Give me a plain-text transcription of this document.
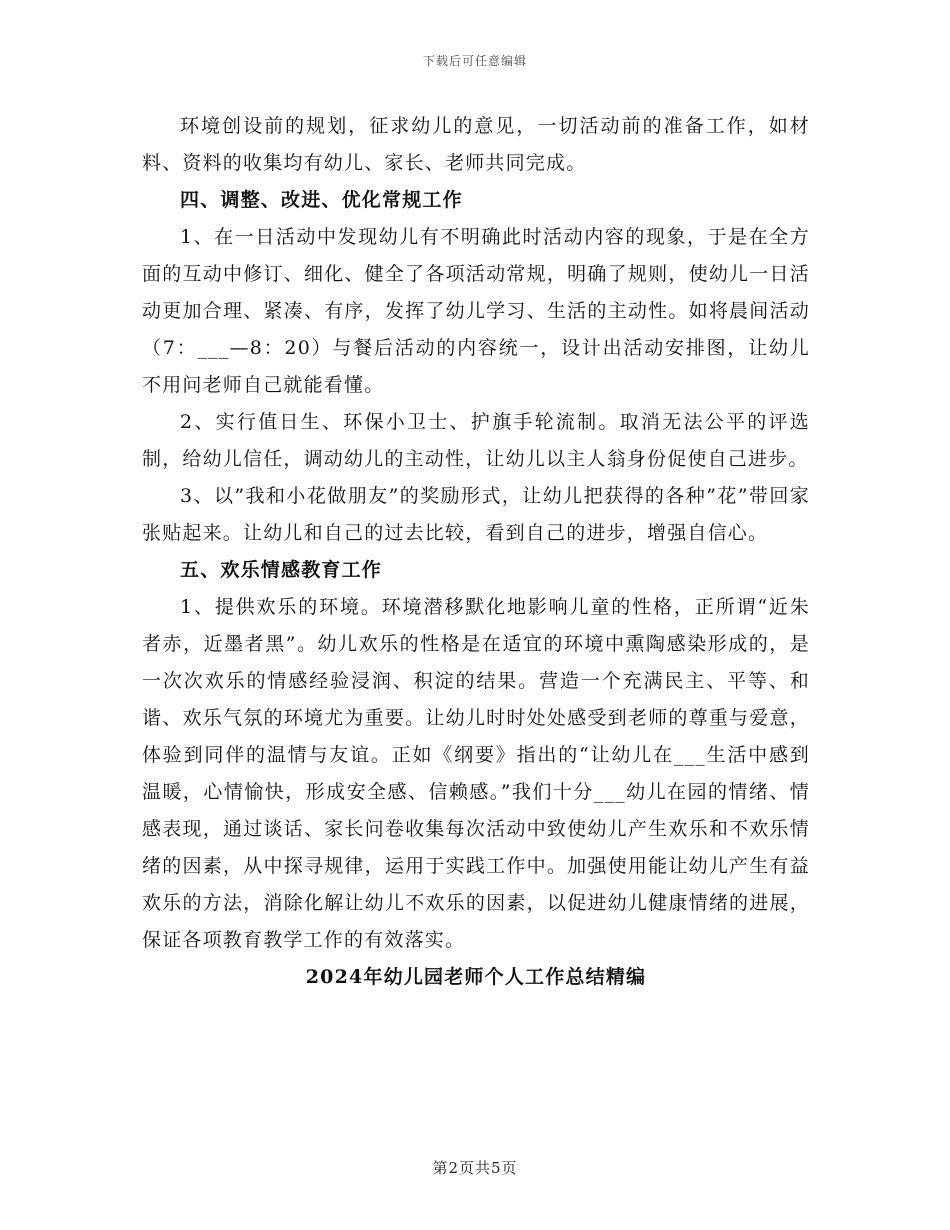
下载后可任意编辑

环境创设前的规划，征求幼儿的意见，一切活动前的准备工作，如材料、资料的收集均有幼儿、家长、老师共同完成。

四、调整、改进、优化常规工作

1、在一日活动中发现幼儿有不明确此时活动内容的现象，于是在全方面的互动中修订、细化、健全了各项活动常规，明确了规则，使幼儿一日活动更加合理、紧凑、有序，发挥了幼儿学习、生活的主动性。如将晨间活动（7：___—8：20）与餐后活动的内容统一，设计出活动安排图，让幼儿不用问老师自己就能看懂。

2、实行值日生、环保小卫士、护旗手轮流制。取消无法公平的评选制，给幼儿信任，调动幼儿的主动性，让幼儿以主人翁身份促使自己进步。

3、以”我和小花做朋友”的奖励形式，让幼儿把获得的各种”花”带回家张贴起来。让幼儿和自己的过去比较，看到自己的进步，增强自信心。

五、欢乐情感教育工作

1、提供欢乐的环境。环境潜移默化地影响儿童的性格，正所谓“近朱者赤，近墨者黑”。幼儿欢乐的性格是在适宜的环境中熏陶感染形成的，是一次次欢乐的情感经验浸润、积淀的结果。营造一个充满民主、平等、和谐、欢乐气氛的环境尤为重要。让幼儿时时处处感受到老师的尊重与爱意，体验到同伴的温情与友谊。正如《纲要》指出的“让幼儿在___生活中感到温暖，心情愉快，形成安全感、信赖感。”我们十分___幼儿在园的情绪、情感表现，通过谈话、家长问卷收集每次活动中致使幼儿产生欢乐和不欢乐情绪的因素，从中探寻规律，运用于实践工作中。加强使用能让幼儿产生有益欢乐的方法，消除化解让幼儿不欢乐的因素，以促进幼儿健康情绪的进展，保证各项教育教学工作的有效落实。

2024年幼儿园老师个人工作总结精编

第2页共5页
